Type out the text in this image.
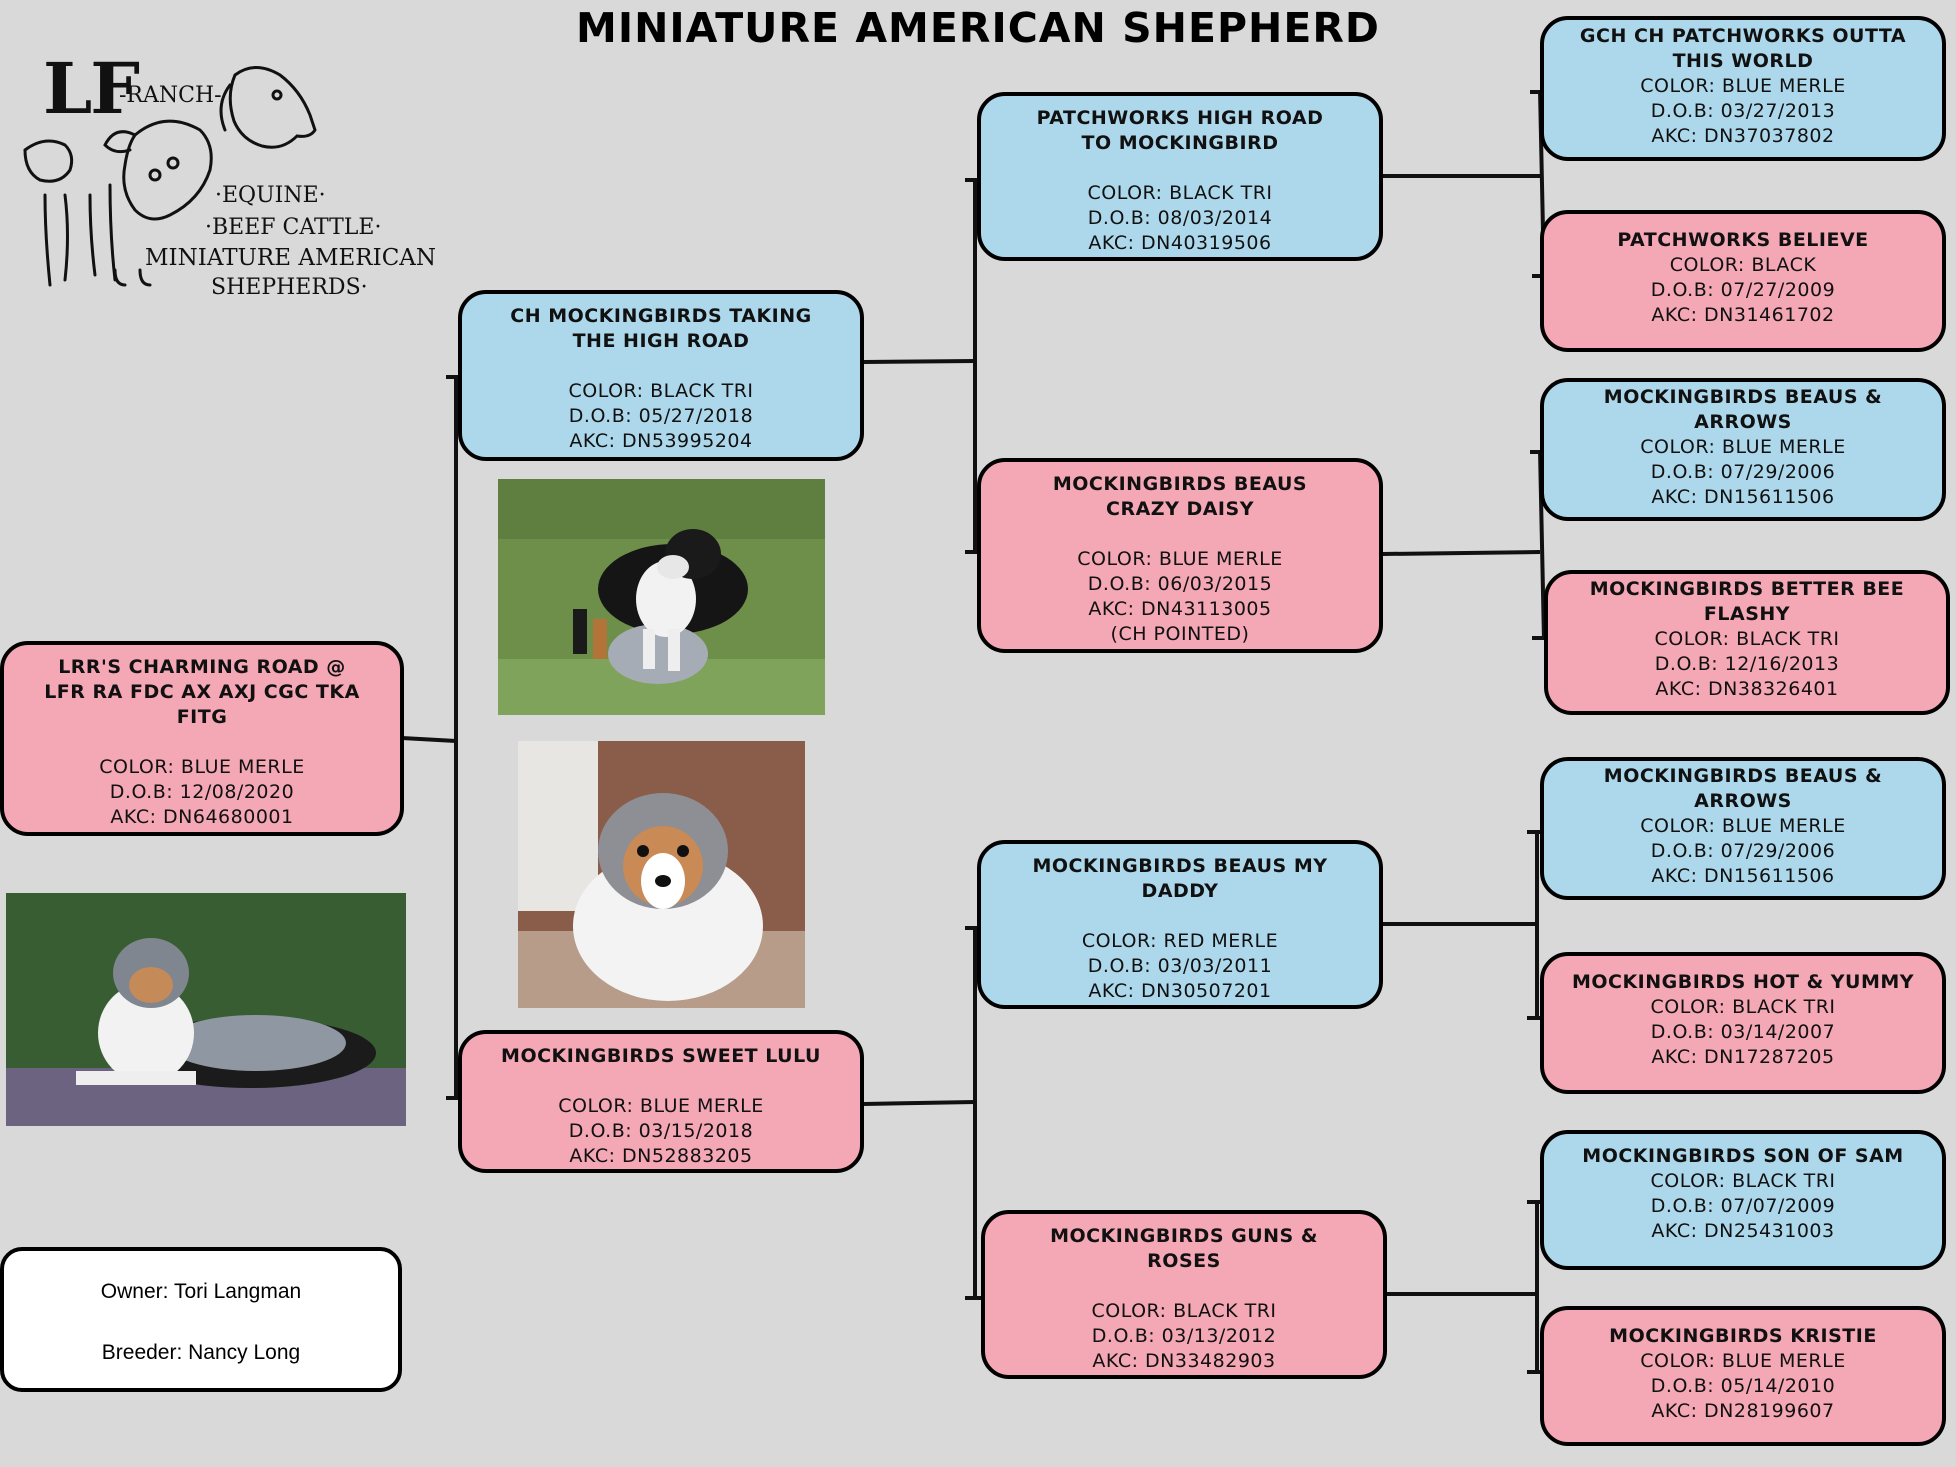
MINIATURE AMERICAN SHEPHERD
LF
-RANCH-
·EQUINE·
·BEEF CATTLE·
MINIATURE AMERICAN
SHEPHERDS·
Owner: Tori Langman
Breeder: Nancy Long
LRR'S CHARMING ROAD @
LFR RA FDC AX AXJ CGC TKA
FITG
COLOR: BLUE MERLE
D.O.B: 12/08/2020
AKC: DN64680001
CH MOCKINGBIRDS TAKING
THE HIGH ROAD
COLOR: BLACK TRI
D.O.B: 05/27/2018
AKC: DN53995204
MOCKINGBIRDS SWEET LULU
COLOR: BLUE MERLE
D.O.B: 03/15/2018
AKC: DN52883205
PATCHWORKS HIGH ROAD
TO MOCKINGBIRD
COLOR: BLACK TRI
D.O.B: 08/03/2014
AKC: DN40319506
MOCKINGBIRDS BEAUS
CRAZY DAISY
COLOR: BLUE MERLE
D.O.B: 06/03/2015
AKC: DN43113005
(CH POINTED)
MOCKINGBIRDS BEAUS MY
DADDY
COLOR: RED MERLE
D.O.B: 03/03/2011
AKC: DN30507201
MOCKINGBIRDS GUNS &
ROSES
COLOR: BLACK TRI
D.O.B: 03/13/2012
AKC: DN33482903
GCH CH PATCHWORKS OUTTA
THIS WORLD
COLOR: BLUE MERLE
D.O.B: 03/27/2013
AKC: DN37037802
PATCHWORKS BELIEVE
COLOR: BLACK
D.O.B: 07/27/2009
AKC: DN31461702
MOCKINGBIRDS BEAUS &
ARROWS
COLOR: BLUE MERLE
D.O.B: 07/29/2006
AKC: DN15611506
MOCKINGBIRDS BETTER BEE
FLASHY
COLOR: BLACK TRI
D.O.B: 12/16/2013
AKC: DN38326401
MOCKINGBIRDS BEAUS &
ARROWS
COLOR: BLUE MERLE
D.O.B: 07/29/2006
AKC: DN15611506
MOCKINGBIRDS HOT & YUMMY
COLOR: BLACK TRI
D.O.B: 03/14/2007
AKC: DN17287205
MOCKINGBIRDS SON OF SAM
COLOR: BLACK TRI
D.O.B: 07/07/2009
AKC: DN25431003
MOCKINGBIRDS KRISTIE
COLOR: BLUE MERLE
D.O.B: 05/14/2010
AKC: DN28199607
